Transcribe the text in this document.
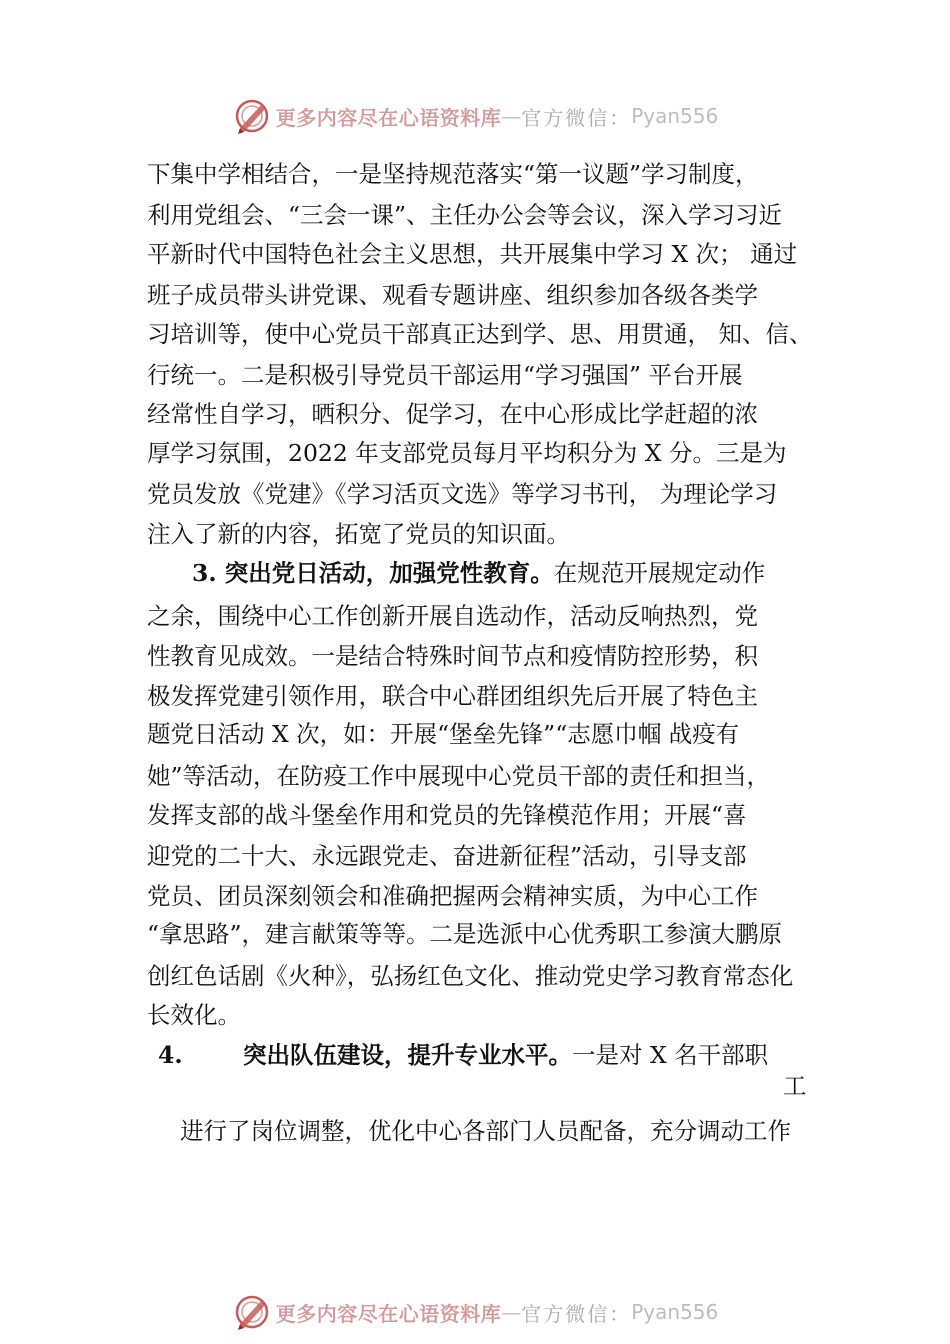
更多内容尽在心语资料库 — 官方微信： Pyan556
下集中学相结合，一是坚持规范落实“第一议题”学习制度，
利用党组会、“三会一课”、主任办公会等会议，深入学习习近
平新时代中国特色社会主义思想，共开展集中学习 X 次； 通过
班子成员带头讲党课、观看专题讲座、组织参加各级各类学
习培训等，使中心党员干部真正达到学、思、用贯通， 知、信、
行统一。二是积极引导党员干部运用“学习强国” 平台开展
经常性自学习，晒积分、促学习，在中心形成比学赶超的浓
厚学习氛围，2022 年支部党员每月平均积分为 X 分。三是为
党员发放《党建》《学习活页文选》等学习书刊， 为理论学习
注入了新的内容，拓宽了党员的知识面。
3. 突出党日活动，加强党性教育。在规范开展规定动作
之余，围绕中心工作创新开展自选动作，活动反响热烈，党
性教育见成效。一是结合特殊时间节点和疫情防控形势，积
极发挥党建引领作用，联合中心群团组织先后开展了特色主
题党日活动 X 次，如：开展“堡垒先锋”“志愿巾帼 战疫有
她”等活动，在防疫工作中展现中心党员干部的责任和担当，
发挥支部的战斗堡垒作用和党员的先锋模范作用；开展“喜
迎党的二十大、永远跟党走、奋进新征程”活动，引导支部
党员、团员深刻领会和准确把握两会精神实质，为中心工作
“拿思路”，建言献策等等。二是选派中心优秀职工参演大鹏原
创红色话剧《火种》，弘扬红色文化、推动党史学习教育常态化
长效化。
4.	突出队伍建设，提升专业水平。一是对 X 名干部职
工
进行了岗位调整，优化中心各部门人员配备，充分调动工作
更多内容尽在心语资料库 — 官方微信： Pyan556
